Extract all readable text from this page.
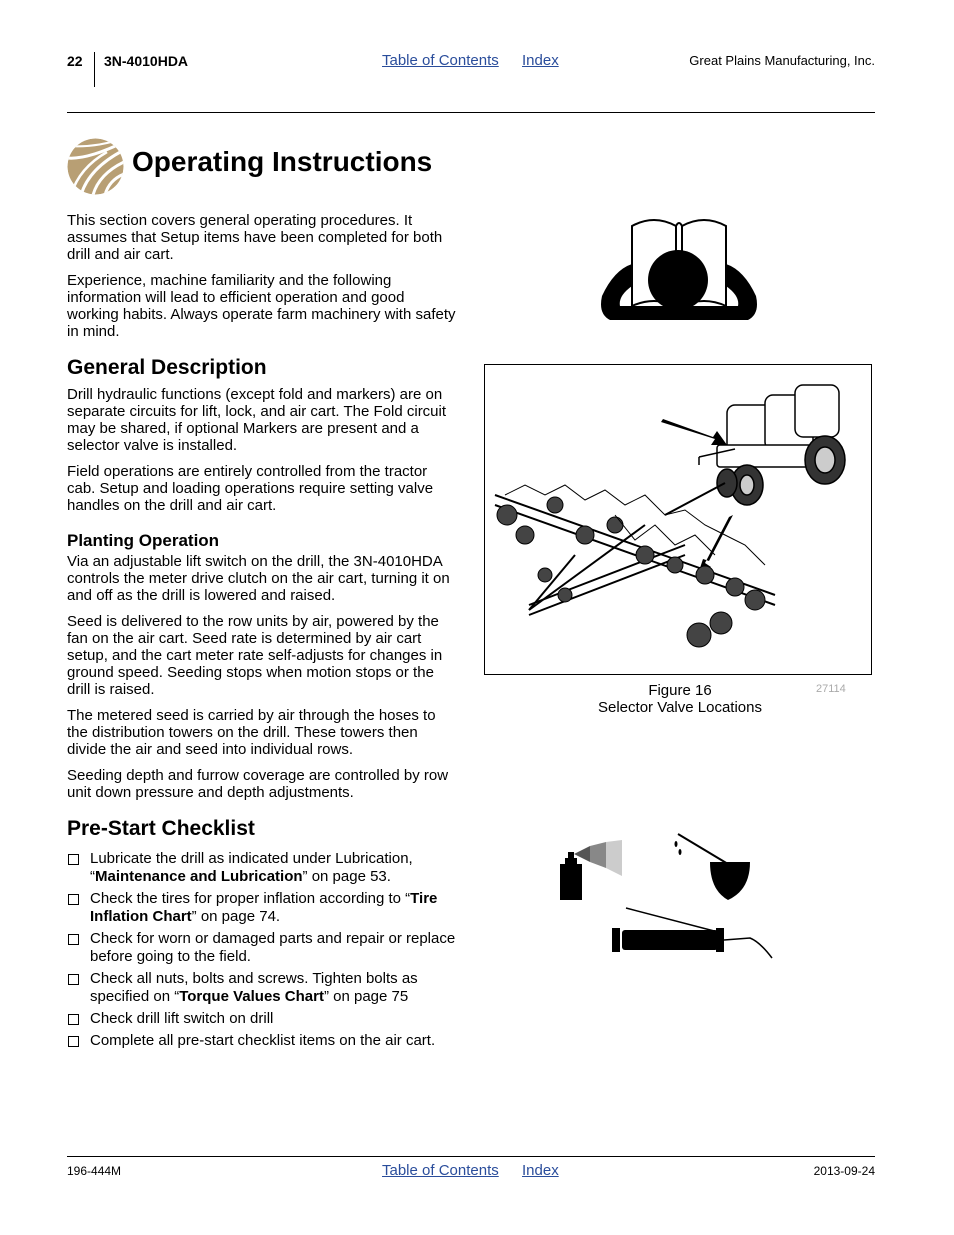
22 3N-4010HDA	Table of Contents Index	Great Plains Manufacturing, Inc.
Operating Instructions

This section covers general operating procedures. It assumes that Setup items have been completed for both drill and air cart.

Experience, machine familiarity and the following information will lead to efficient operation and good working habits. Always operate farm machinery with safety in mind.

General Description

Drill hydraulic functions (except fold and markers) are on separate circuits for lift, lock, and air cart. The Fold circuit may be shared, if optional Markers are present and a selector valve is installed.

Field operations are entirely controlled from the tractor cab. Setup and loading operations require setting valve handles on the drill and air cart.

Planting Operation

Via an adjustable lift switch on the drill, the 3N-4010HDA controls the meter drive clutch on the air cart, turning it on and off as the drill is lowered and raised.

Seed is delivered to the row units by air, powered by the fan on the air cart. Seed rate is determined by air cart setup, and the cart meter rate self-adjusts for changes in ground speed. Seeding stops when motion stops or the drill is raised.

The metered seed is carried by air through the hoses to the distribution towers on the drill. These towers then divide the air and seed into individual rows.

Seeding depth and furrow coverage are controlled by row unit down pressure and depth adjustments.

Pre-Start Checklist
Lubricate the drill as indicated under Lubrication, “Maintenance and Lubrication” on page 53.
Check the tires for proper inflation according to “Tire Inflation Chart” on page 74.
Check for worn or damaged parts and repair or replace before going to the field.
Check all nuts, bolts and screws. Tighten bolts as specified on “Torque Values Chart” on page 75
Check drill lift switch on drill
Complete all pre-start checklist items on the air cart.
Figure 16
Selector Valve Locations
27114
196-444M	Table of Contents Index	2013-09-24
